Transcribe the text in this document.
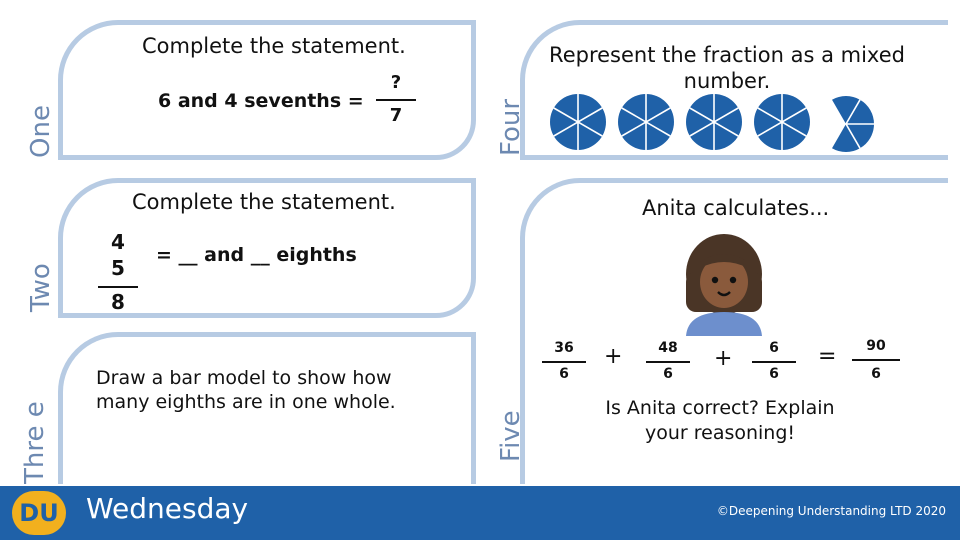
One
Complete the statement.
6 and 4 sevenths =
?
7
Two
Complete the statement.
4
5
8
= __ and __ eighths
Thre e
Draw a bar model to show how many eighths are in one whole.
Four
Represent the fraction as a mixed number.
Five
Anita calculates...
36
6
+	48
6
+	6
6
=	90
6
Is Anita correct? Explain your reasoning!
DU Wednesday	©Deepening Understanding LTD 2020
